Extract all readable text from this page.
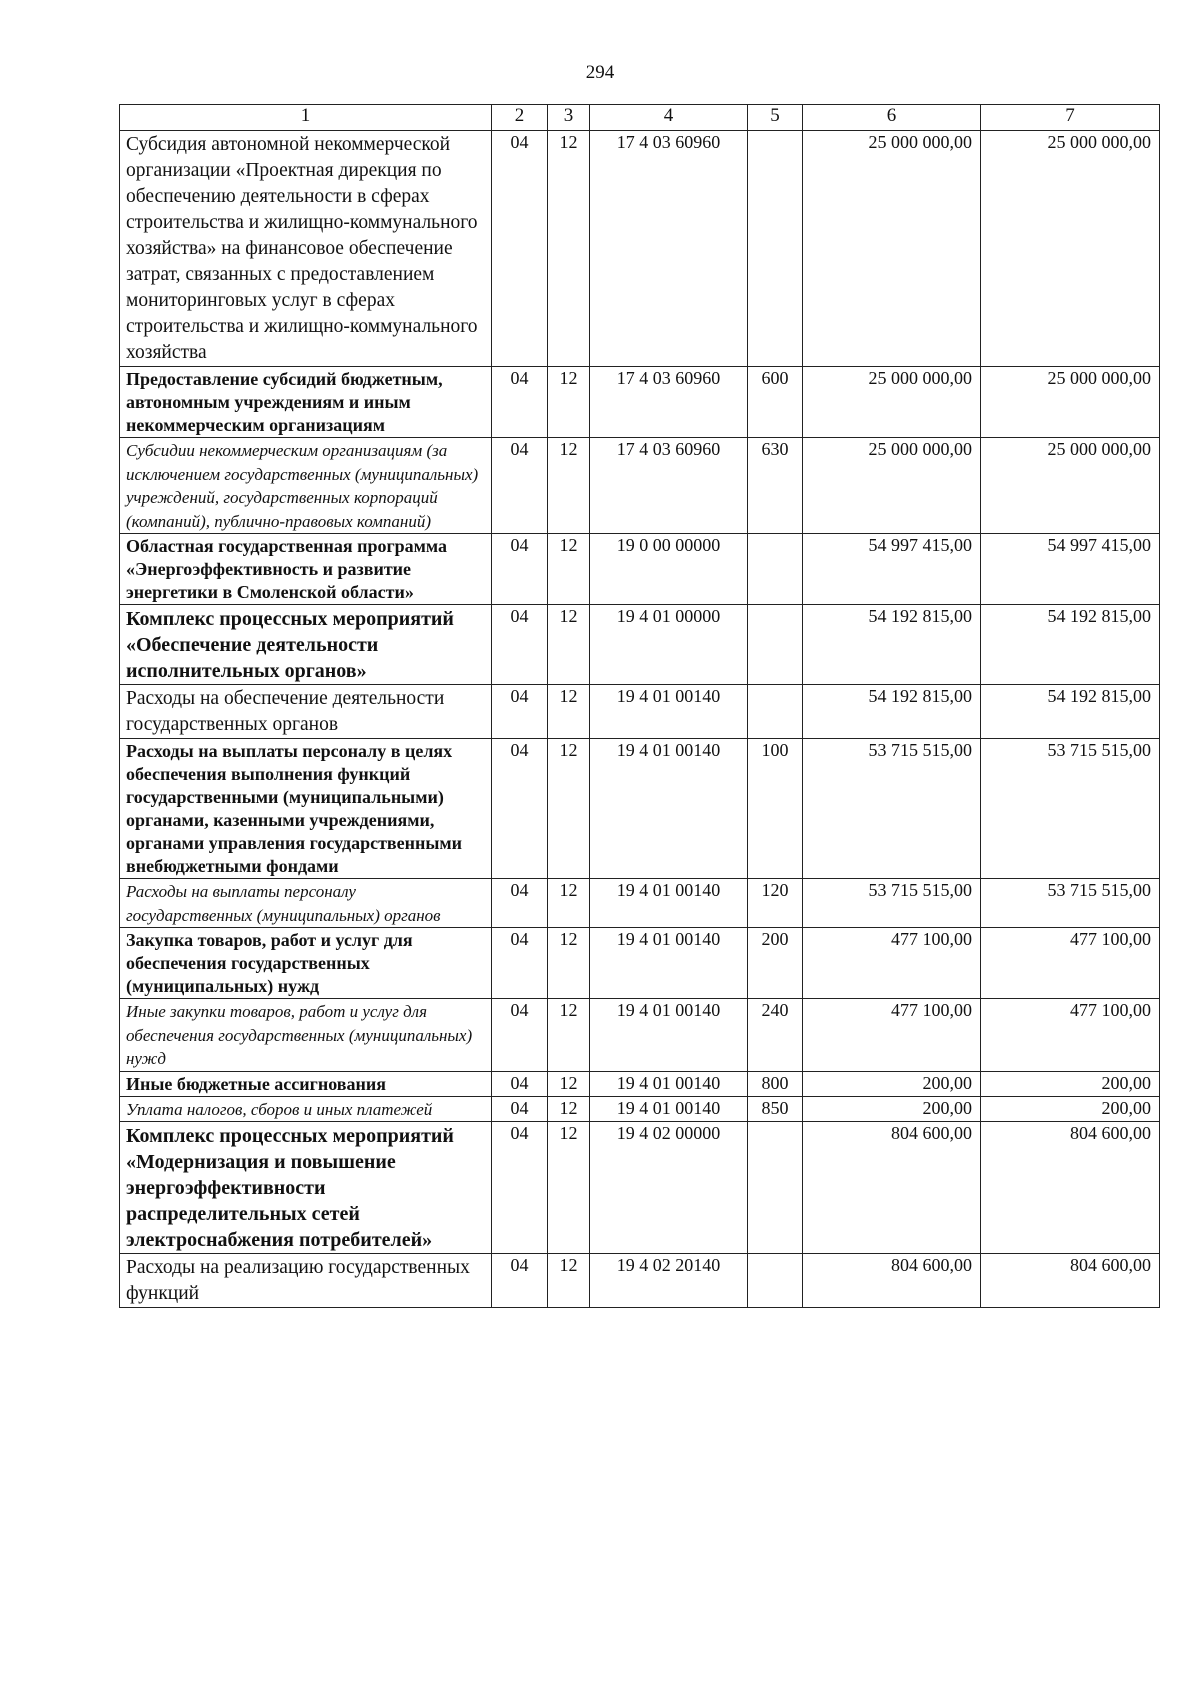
294
1	2	3	4	5	6	7
Субсидия автономной некоммерческой организации «Проектная дирекция по обеспечению деятельности в сферах строительства и жилищно-коммунального хозяйства» на финансовое обеспечение затрат, связанных с предоставлением мониторинговых услуг в сферах строительства и жилищно-коммунального хозяйства	04	12	17 4 03 60960		25 000 000,00	25 000 000,00
Предоставление субсидий бюджетным, автономным учреждениям и иным некоммерческим организациям	04	12	17 4 03 60960	600	25 000 000,00	25 000 000,00
Субсидии некоммерческим организациям (за исключением государственных (муниципальных) учреждений, государственных корпораций (компаний), публично-правовых компаний)	04	12	17 4 03 60960	630	25 000 000,00	25 000 000,00
Областная государственная программа «Энергоэффективность и развитие энергетики в Смоленской области»	04	12	19 0 00 00000		54 997 415,00	54 997 415,00
Комплекс процессных мероприятий «Обеспечение деятельности исполнительных органов»	04	12	19 4 01 00000		54 192 815,00	54 192 815,00
Расходы на обеспечение деятельности государственных органов	04	12	19 4 01 00140		54 192 815,00	54 192 815,00
Расходы на выплаты персоналу в целях обеспечения выполнения функций государственными (муниципальными) органами, казенными учреждениями, органами управления государственными внебюджетными фондами	04	12	19 4 01 00140	100	53 715 515,00	53 715 515,00
Расходы на выплаты персоналу государственных (муниципальных) органов	04	12	19 4 01 00140	120	53 715 515,00	53 715 515,00
Закупка товаров, работ и услуг для обеспечения государственных (муниципальных) нужд	04	12	19 4 01 00140	200	477 100,00	477 100,00
Иные закупки товаров, работ и услуг для обеспечения государственных (муниципальных) нужд	04	12	19 4 01 00140	240	477 100,00	477 100,00
Иные бюджетные ассигнования	04	12	19 4 01 00140	800	200,00	200,00
Уплата налогов, сборов и иных платежей	04	12	19 4 01 00140	850	200,00	200,00
Комплекс процессных мероприятий «Модернизация и повышение энергоэффективности распределительных сетей электроснабжения потребителей»	04	12	19 4 02 00000		804 600,00	804 600,00
Расходы на реализацию государственных функций	04	12	19 4 02 20140		804 600,00	804 600,00
